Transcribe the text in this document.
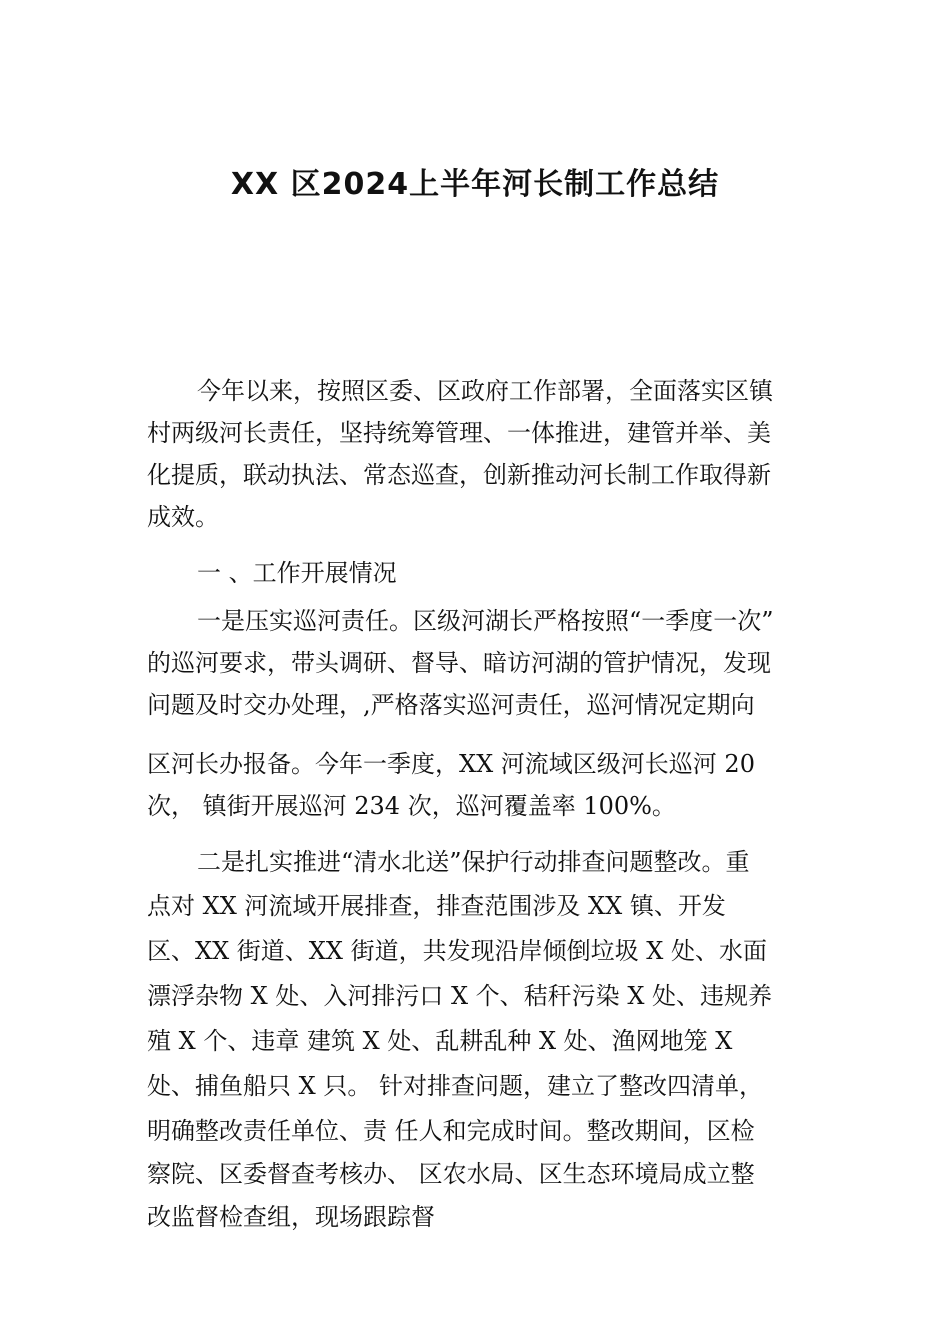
XX 区2024上半年河长制工作总结

今年以来，按照区委、区政府工作部署，全面落实区镇

村两级河长责任，坚持统筹管理、一体推进，建管并举、美

化提质，联动执法、常态巡查，创新推动河长制工作取得新

成效。

一 、工作开展情况

一是压实巡河责任。区级河湖长严格按照“一季度一次”

的巡河要求，带头调研、督导、暗访河湖的管护情况，发现

问题及时交办处理，,严格落实巡河责任，巡河情况定期向

区河长办报备。今年一季度，XX 河流域区级河长巡河 20

次， 镇街开展巡河 234 次，巡河覆盖率 100%。

二是扎实推进“清水北送”保护行动排查问题整改。重

点对 XX 河流域开展排查，排查范围涉及 XX 镇、开发

区、XX 街道、XX 街道，共发现沿岸倾倒垃圾 X 处、水面

漂浮杂物 X 处、入河排污口 X 个、秸秆污染 X 处、违规养

殖 X 个、违章 建筑 X 处、乱耕乱种 X 处、渔网地笼 X

处、捕鱼船只 X 只。 针对排查问题，建立了整改四清单，

明确整改责任单位、责 任人和完成时间。整改期间，区检

察院、区委督查考核办、 区农水局、区生态环境局成立整

改监督检查组，现场跟踪督
